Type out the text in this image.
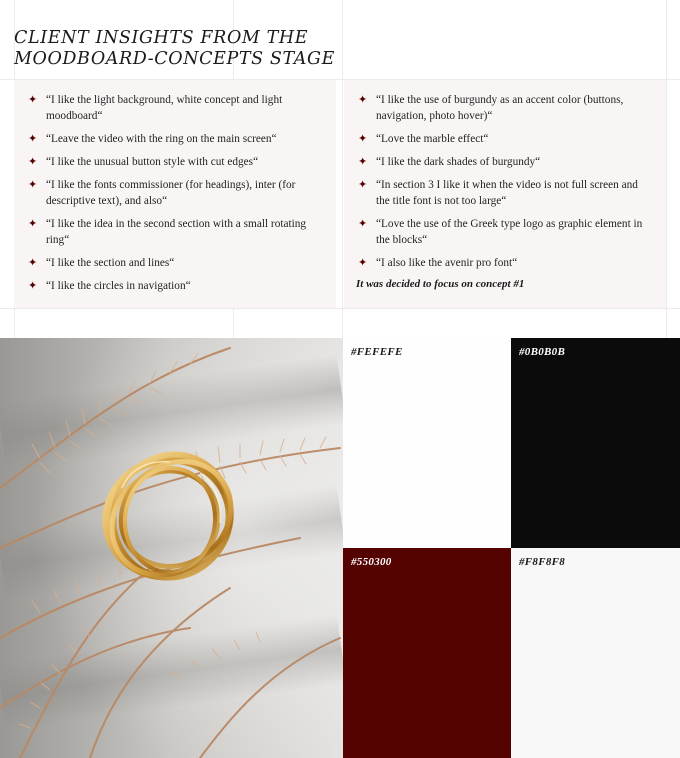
CLIENT INSIGHTS FROM THE MOODBOARD-CONCEPTS STAGE
✦ “I like the light background, white concept and light moodboard“
✦ “Leave the video with the ring on the main screen“
✦ “I like the unusual button style with cut edges“
✦ “I like the fonts commissioner (for headings), inter (for descriptive text), and also“
✦ “I like the idea in the second section with a small rotating ring“
✦ “I like the section and lines“
✦ “I like the circles in navigation“
✦ “I like the use of burgundy as an accent color (buttons, navigation, photo hover)“
✦ “Love the marble effect“
✦ “I like the dark shades of burgundy“
✦ “In section 3 I like it when the video is not full screen and the title font is not too large“
✦ “Love the use of the Greek type logo as graphic element in the blocks“
✦ “I also like the avenir pro font“
It was decided to focus on concept #1
#FEFEFE	#0B0B0B
#550300	#F8F8F8
